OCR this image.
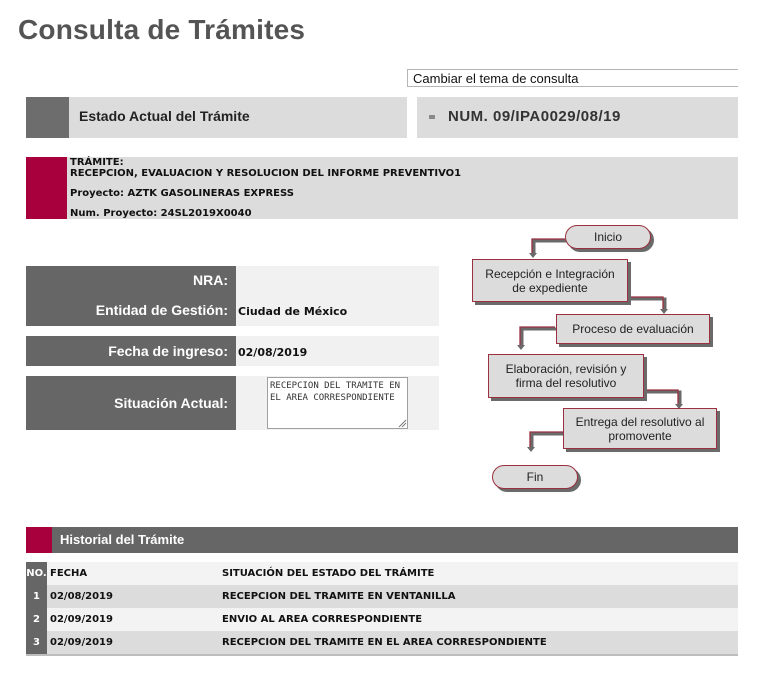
Consulta de Trámites
Cambiar el tema de consulta
Estado Actual del Trámite	NUM. 09/IPA0029/08/19
TRÁMITE:
RECEPCION, EVALUACION Y RESOLUCION DEL INFORME PREVENTIVO1
Proyecto: AZTK GASOLINERAS EXPRESS
Num. Proyecto: 24SL2019X0040
NRA:
Entidad de Gestión: Ciudad de México
Fecha de ingreso: 02/08/2019
Situación Actual:
RECEPCION DEL TRAMITE EN EL AREA CORRESPONDIENTE
Inicio
Recepción e Integración de expediente
Proceso de evaluación
Elaboración, revisión y firma del resolutivo
Entrega del resolutivo al promovente
Fin
Historial del Trámite
NO. FECHA	SITUACIÓN DEL ESTADO DEL TRÁMITE
1	02/08/2019	RECEPCION DEL TRAMITE EN VENTANILLA
2	02/09/2019	ENVIO AL AREA CORRESPONDIENTE
3	02/09/2019	RECEPCION DEL TRAMITE EN EL AREA CORRESPONDIENTE
